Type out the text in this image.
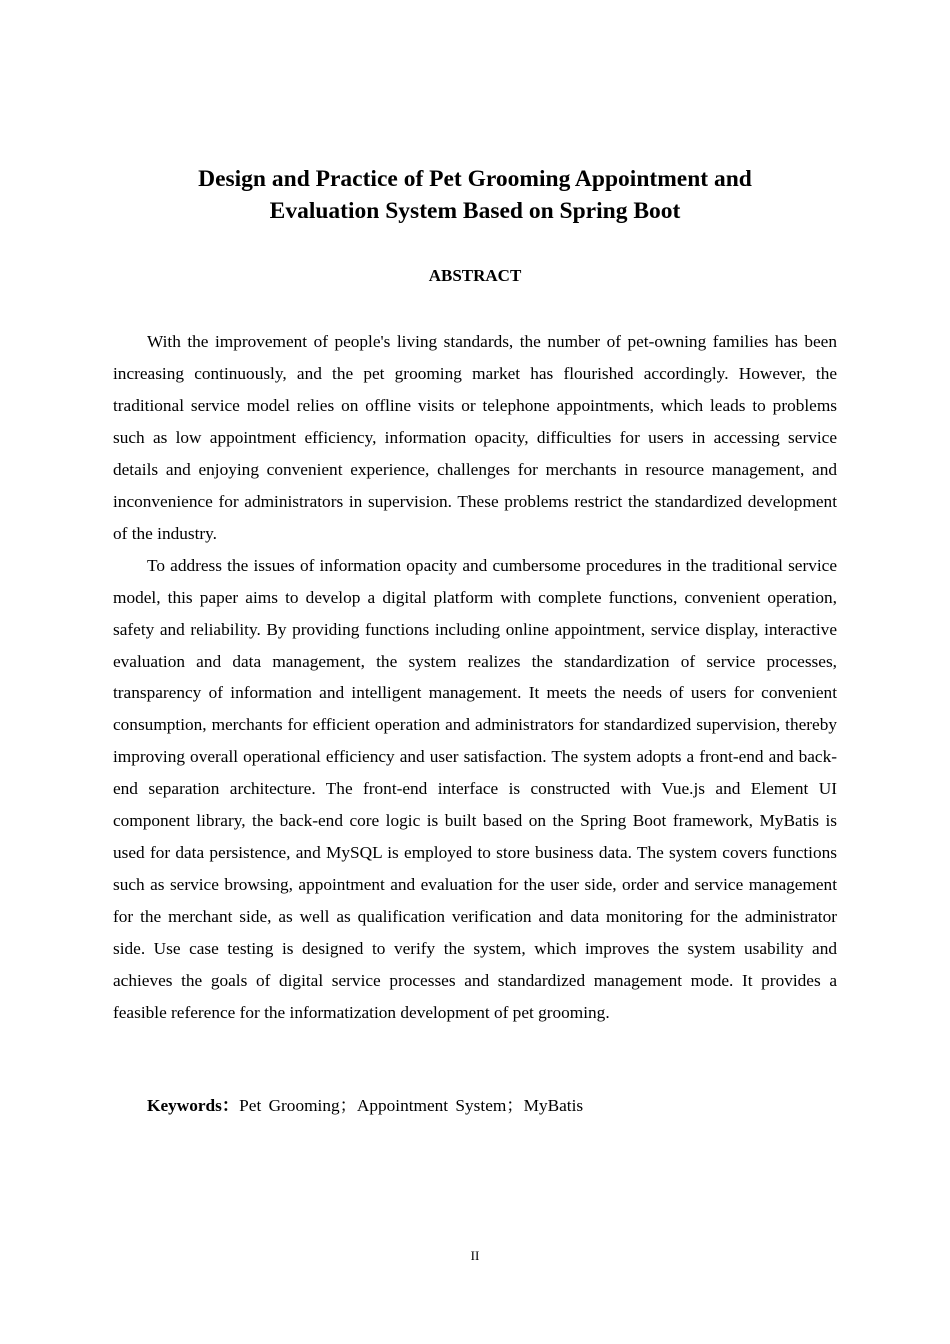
Design and Practice of Pet Grooming Appointment and
Evaluation System Based on Spring Boot
ABSTRACT

With the improvement of people's living standards, the number of pet-owning families has been increasing continuously, and the pet grooming market has flourished accordingly. However, the traditional service model relies on offline visits or telephone appointments, which leads to problems such as low appointment efficiency, information opacity, difficulties for users in accessing service details and enjoying convenient experience, challenges for merchants in resource management, and inconvenience for administrators in supervision. These problems restrict the standardized development of the industry.

To address the issues of information opacity and cumbersome procedures in the traditional service model, this paper aims to develop a digital platform with complete functions, convenient operation, safety and reliability. By providing functions including online appointment, service display, interactive evaluation and data management, the system realizes the standardization of service processes, transparency of information and intelligent management. It meets the needs of users for convenient consumption, merchants for efficient operation and administrators for standardized supervision, thereby improving overall operational efficiency and user satisfaction. The system adopts a front-end and back-end separation architecture. The front-end interface is constructed with Vue.js and Element UI component library, the back-end core logic is built based on the Spring Boot framework, MyBatis is used for data persistence, and MySQL is employed to store business data. The system covers functions such as service browsing, appointment and evaluation for the user side, order and service management for the merchant side, as well as qualification verification and data monitoring for the administrator side. Use case testing is designed to verify the system, which improves the system usability and achieves the goals of digital service processes and standardized management mode. It provides a feasible reference for the informatization development of pet grooming.

Keywords：Pet Grooming；Appointment System；MyBatis
II
